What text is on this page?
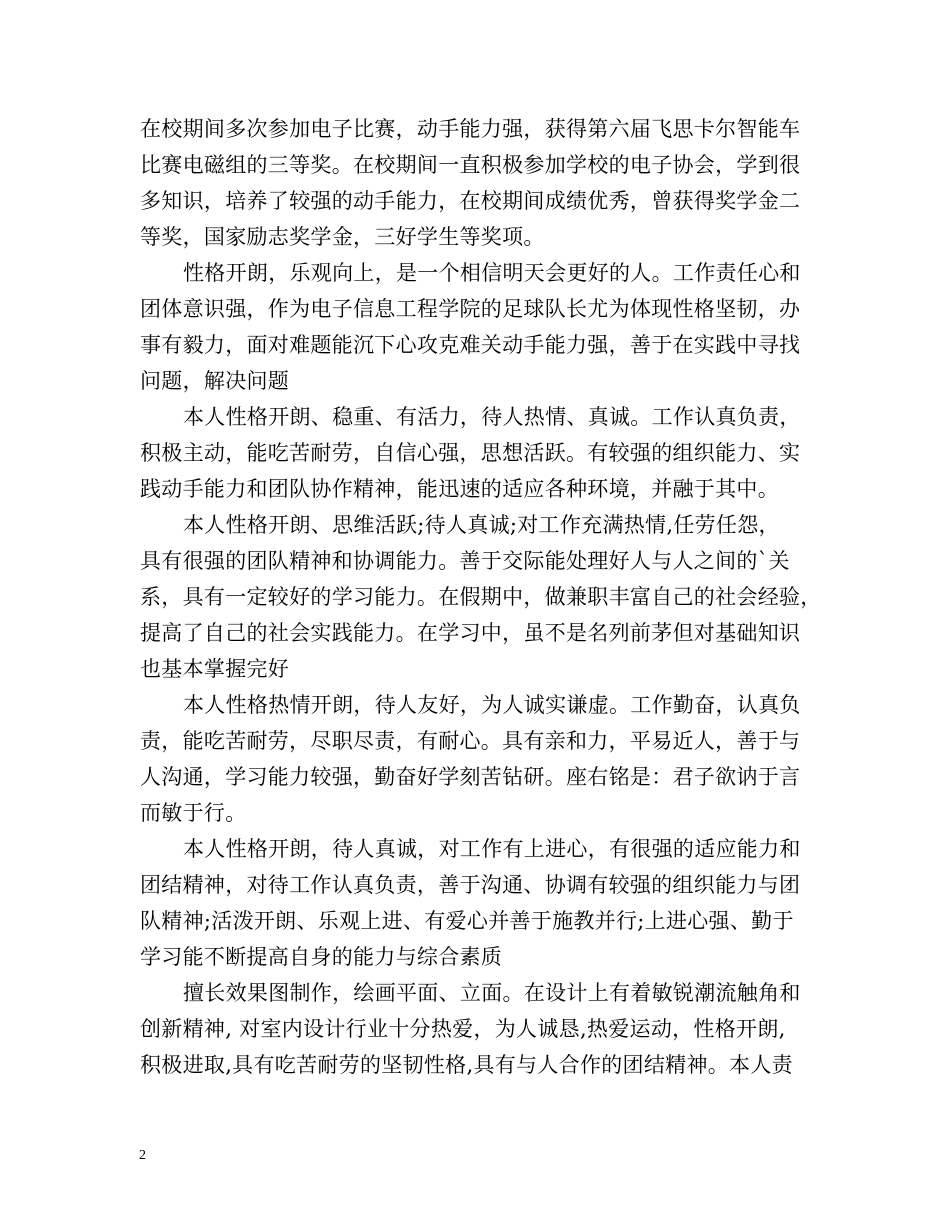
在校期间多次参加电子比赛，动手能力强，获得第六届飞思卡尔智能车
比赛电磁组的三等奖。在校期间一直积极参加学校的电子协会，学到很
多知识，培养了较强的动手能力，在校期间成绩优秀，曾获得奖学金二
等奖，国家励志奖学金，三好学生等奖项。

性格开朗，乐观向上，是一个相信明天会更好的人。工作责任心和
团体意识强，作为电子信息工程学院的足球队长尤为体现性格坚韧，办
事有毅力，面对难题能沉下心攻克难关动手能力强，善于在实践中寻找
问题，解决问题

本人性格开朗、稳重、有活力，待人热情、真诚。工作认真负责，
积极主动，能吃苦耐劳，自信心强，思想活跃。有较强的组织能力、实
践动手能力和团队协作精神，能迅速的适应各种环境，并融于其中。

本人性格开朗、思维活跃;待人真诚;对工作充满热情,任劳任怨，
具有很强的团队精神和协调能力。善于交际能处理好人与人之间的`关
系，具有一定较好的学习能力。在假期中，做兼职丰富自己的社会经验，
提高了自己的社会实践能力。在学习中，虽不是名列前茅但对基础知识
也基本掌握完好

本人性格热情开朗，待人友好，为人诚实谦虚。工作勤奋，认真负
责，能吃苦耐劳，尽职尽责，有耐心。具有亲和力，平易近人，善于与
人沟通，学习能力较强，勤奋好学刻苦钻研。座右铭是：君子欲讷于言
而敏于行。

本人性格开朗，待人真诚，对工作有上进心，有很强的适应能力和
团结精神，对待工作认真负责，善于沟通、协调有较强的组织能力与团
队精神;活泼开朗、乐观上进、有爱心并善于施教并行;上进心强、勤于
学习能不断提高自身的能力与综合素质

擅长效果图制作，绘画平面、立面。在设计上有着敏锐潮流触角和
创新精神, 对室内设计行业十分热爱，为人诚恳,热爱运动，性格开朗,
积极进取,具有吃苦耐劳的坚韧性格,具有与人合作的团结精神。本人责

2
